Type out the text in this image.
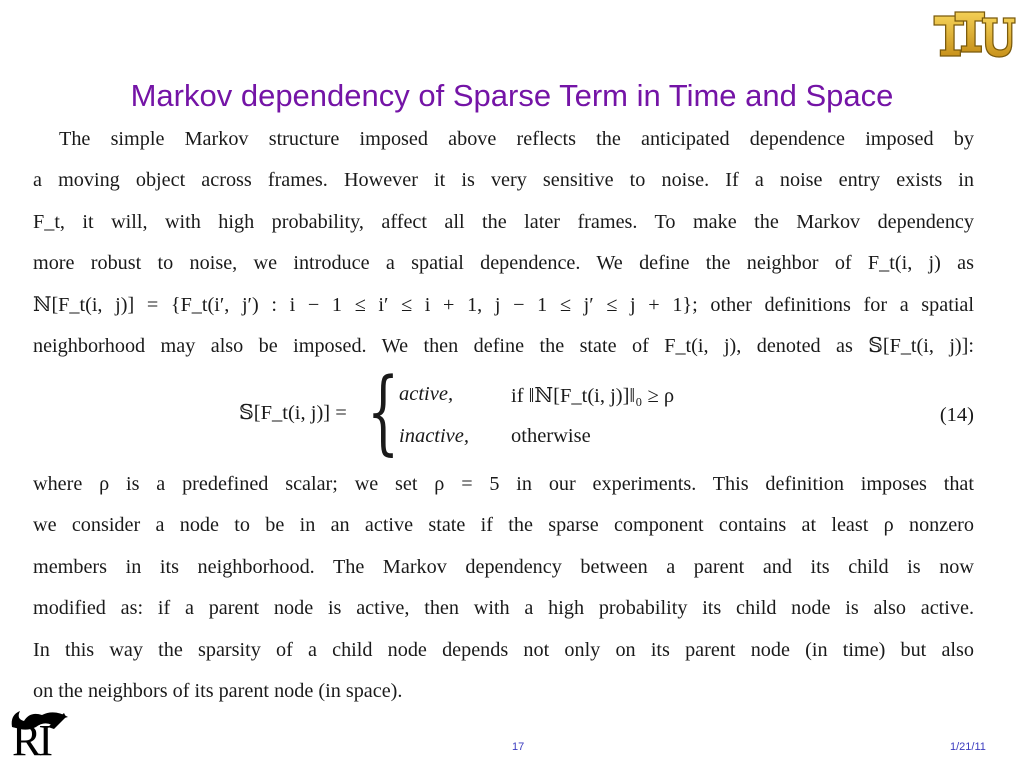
Markov dependency of Sparse Term in Time and Space
The simple Markov structure imposed above reflects the anticipated dependence imposed by
a moving object across frames. However it is very sensitive to noise. If a noise entry exists in
F_t, it will, with high probability, affect all the later frames. To make the Markov dependency
more robust to noise, we introduce a spatial dependence. We define the neighbor of F_t(i, j) as
ℕ[F_t(i, j)] = {F_t(i′, j′) : i − 1 ≤ i′ ≤ i + 1, j − 1 ≤ j′ ≤ j + 1}; other definitions for a spatial
neighborhood may also be imposed. We then define the state of F_t(i, j), denoted as 𝕊[F_t(i, j)]:
𝕊[F_t(i, j)] = { active,	if ‖ℕ[F_t(i, j)]‖₀ ≥ ρ
inactive, otherwise
(14)
where ρ is a predefined scalar; we set ρ = 5 in our experiments. This definition imposes that
we consider a node to be in an active state if the sparse component contains at least ρ nonzero
members in its neighborhood. The Markov dependency between a parent and its child is now
modified as: if a parent node is active, then with a high probability its child node is also active.
In this way the sparsity of a child node depends not only on its parent node (in time) but also
on the neighbors of its parent node (in space).
RI	17	1/21/11
